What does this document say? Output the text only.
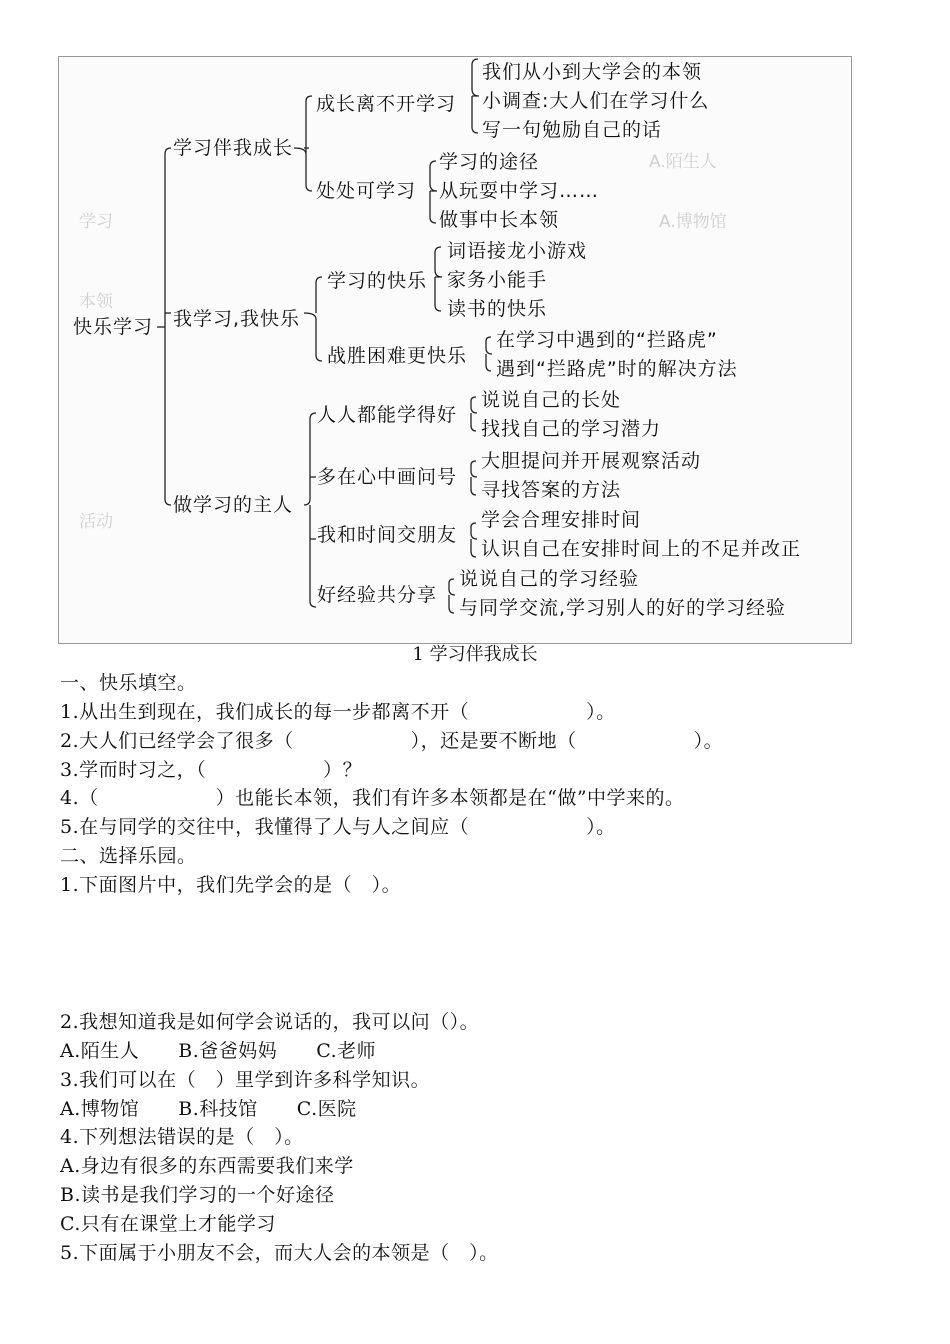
A.陌生人
A.博物馆
学习
本领
活动
快乐学习
学习伴我成长
我学习,我快乐
做学习的主人
成长离不开学习
处处可学习
学习的快乐
战胜困难更快乐
人人都能学得好
多在心中画问号
我和时间交朋友
好经验共分享
我们从小到大学会的本领
小调查:大人们在学习什么
写一句勉励自己的话
学习的途径
从玩耍中学习……
做事中长本领
词语接龙小游戏
家务小能手
读书的快乐
在学习中遇到的“拦路虎”
遇到“拦路虎”时的解决方法
说说自己的长处
找找自己的学习潜力
大胆提问并开展观察活动
寻找答案的方法
学会合理安排时间
认识自己在安排时间上的不足并改正
说说自己的学习经验
与同学交流,学习别人的好的学习经验
1 学习伴我成长
一、快乐填空。
1.从出生到现在，我们成长的每一步都离不开（　　　　　　）。
2.大人们已经学会了很多（　　　　　　），还是要不断地（　　　　　　）。
3.学而时习之，（　　　　　　）？
4.（　　　　　　）也能长本领，我们有许多本领都是在“做”中学来的。
5.在与同学的交往中，我懂得了人与人之间应（　　　　　　）。
二、选择乐园。
1.下面图片中，我们先学会的是（　）。
2.我想知道我是如何学会说话的，我可以问（）。
A.陌生人　　B.爸爸妈妈　　C.老师
3.我们可以在（　）里学到许多科学知识。
A.博物馆　　B.科技馆　　C.医院
4.下列想法错误的是（　）。
A.身边有很多的东西需要我们来学
B.读书是我们学习的一个好途径
C.只有在课堂上才能学习
5.下面属于小朋友不会，而大人会的本领是（　）。
